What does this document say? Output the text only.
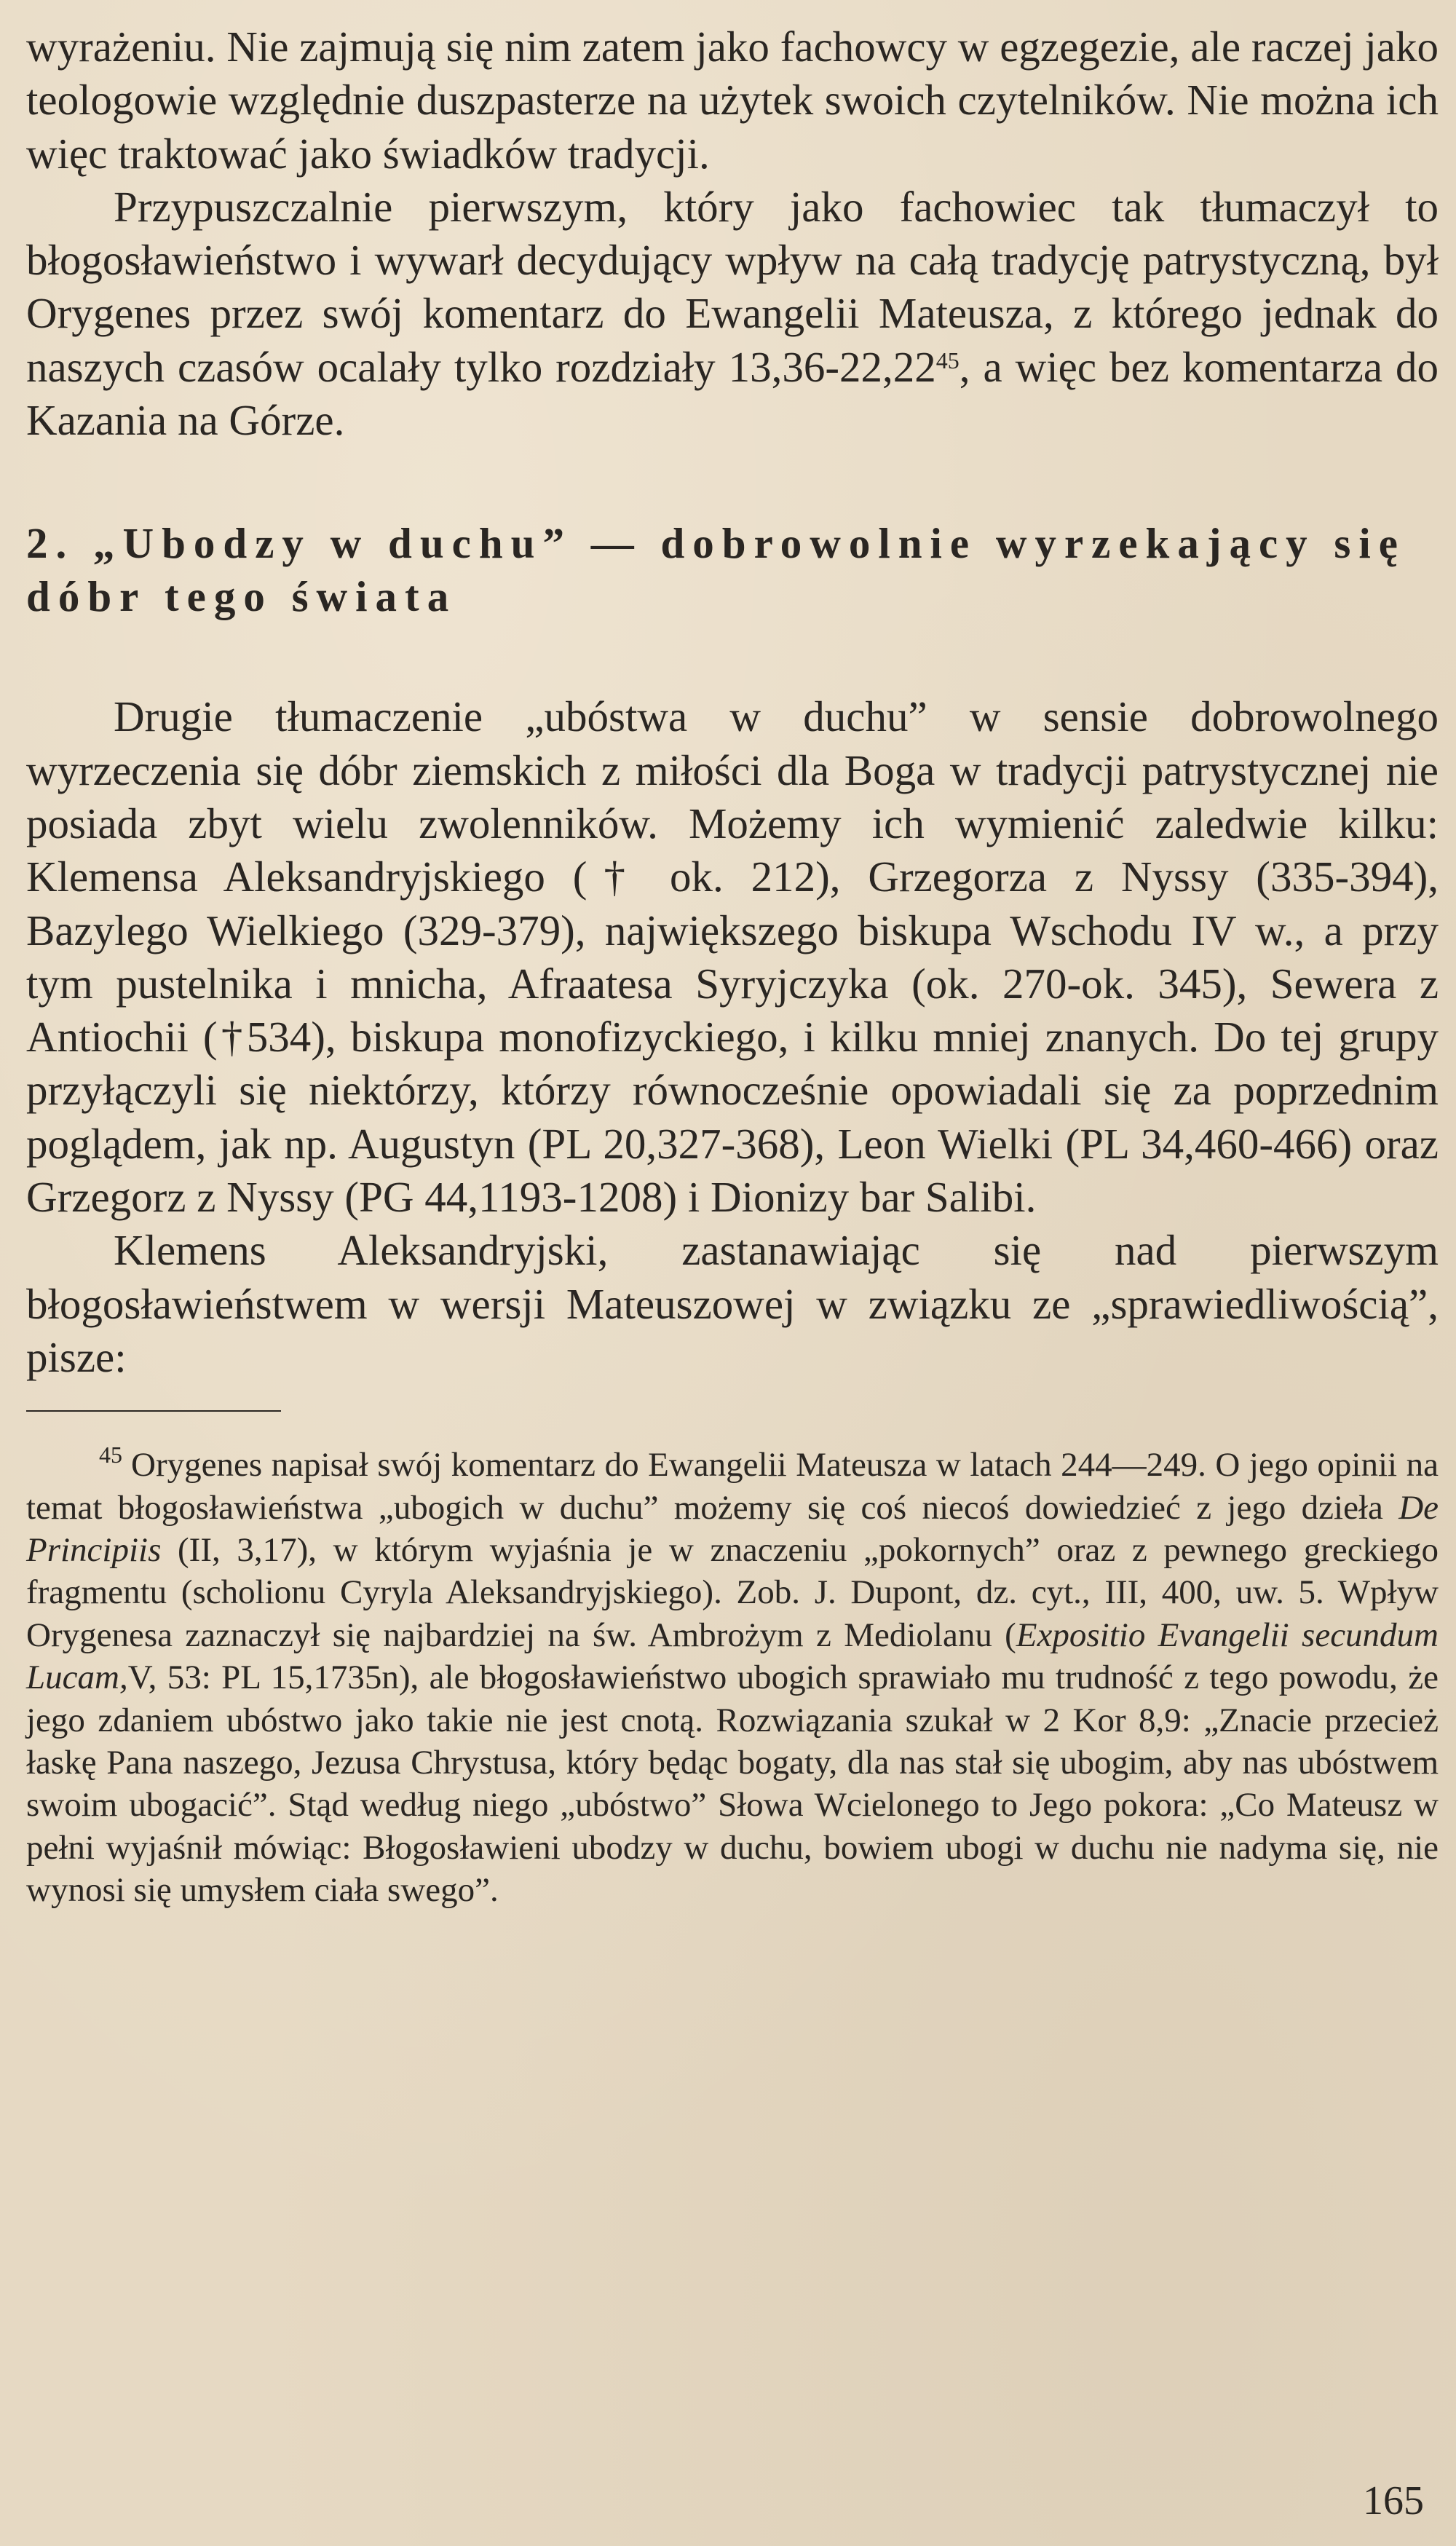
wyrażeniu. Nie zajmują się nim zatem jako fachowcy w egzegezie, ale raczej jako teologowie względnie duszpasterze na użytek swoich czytelników. Nie można ich więc traktować jako świadków tradycji.

Przypuszczalnie pierwszym, który jako fachowiec tak tłumaczył to błogosławieństwo i wywarł decydujący wpływ na całą tradycję patrystyczną, był Orygenes przez swój komentarz do Ewangelii Mateusza, z którego jednak do naszych czasów ocalały tylko rozdziały 13,36-22,22$^{45}$, a więc bez komentarza do Kazania na Górze.

2. „Ubodzy w duchu” — dobrowolnie wyrzekający się dóbr tego świata

Drugie tłumaczenie „ubóstwa w duchu” w sensie dobrowolnego wyrzeczenia się dóbr ziemskich z miłości dla Boga w tradycji patrystycznej nie posiada zbyt wielu zwolenników. Możemy ich wymienić zaledwie kilku: Klemensa Aleksandryjskiego († ok. 212), Grzegorza z Nyssy (335-394), Bazylego Wielkiego (329-379), największego biskupa Wschodu IV w., a przy tym pustelnika i mnicha, Afraatesa Syryjczyka (ok. 270-ok. 345), Sewera z Antiochii (†534), biskupa monofizyckiego, i kilku mniej znanych. Do tej grupy przyłączyli się niektórzy, którzy równocześnie opowiadali się za poprzednim poglądem, jak np. Augustyn (PL 20,327-368), Leon Wielki (PL 34,460-466) oraz Grzegorz z Nyssy (PG 44,1193-1208) i Dionizy bar Salibi.

Klemens Aleksandryjski, zastanawiając się nad pierwszym błogosławieństwem w wersji Mateuszowej w związku ze „sprawiedliwością”, pisze:

$^{45}$ Orygenes napisał swój komentarz do Ewangelii Mateusza w latach 244—249. O jego opinii na temat błogosławieństwa „ubogich w duchu” możemy się coś niecoś dowiedzieć z jego dzieła De Principiis (II, 3,17), w którym wyjaśnia je w znaczeniu „pokornych” oraz z pewnego greckiego fragmentu (scholionu Cyryla Aleksandryjskiego). Zob. J. Dupont, dz. cyt., III, 400, uw. 5. Wpływ Orygenesa zaznaczył się najbardziej na św. Ambrożym z Mediolanu (Expositio Evangelii secundum Lucam,V, 53: PL 15,1735n), ale błogosławieństwo ubogich sprawiało mu trudność z tego powodu, że jego zdaniem ubóstwo jako takie nie jest cnotą. Rozwiązania szukał w 2 Kor 8,9: „Znacie przecież łaskę Pana naszego, Jezusa Chrystusa, który będąc bogaty, dla nas stał się ubogim, aby nas ubóstwem swoim ubogacić”. Stąd według niego „ubóstwo” Słowa Wcielonego to Jego pokora: „Co Mateusz w pełni wyjaśnił mówiąc: Błogosławieni ubodzy w duchu, bowiem ubogi w duchu nie nadyma się, nie wynosi się umysłem ciała swego”.

165
